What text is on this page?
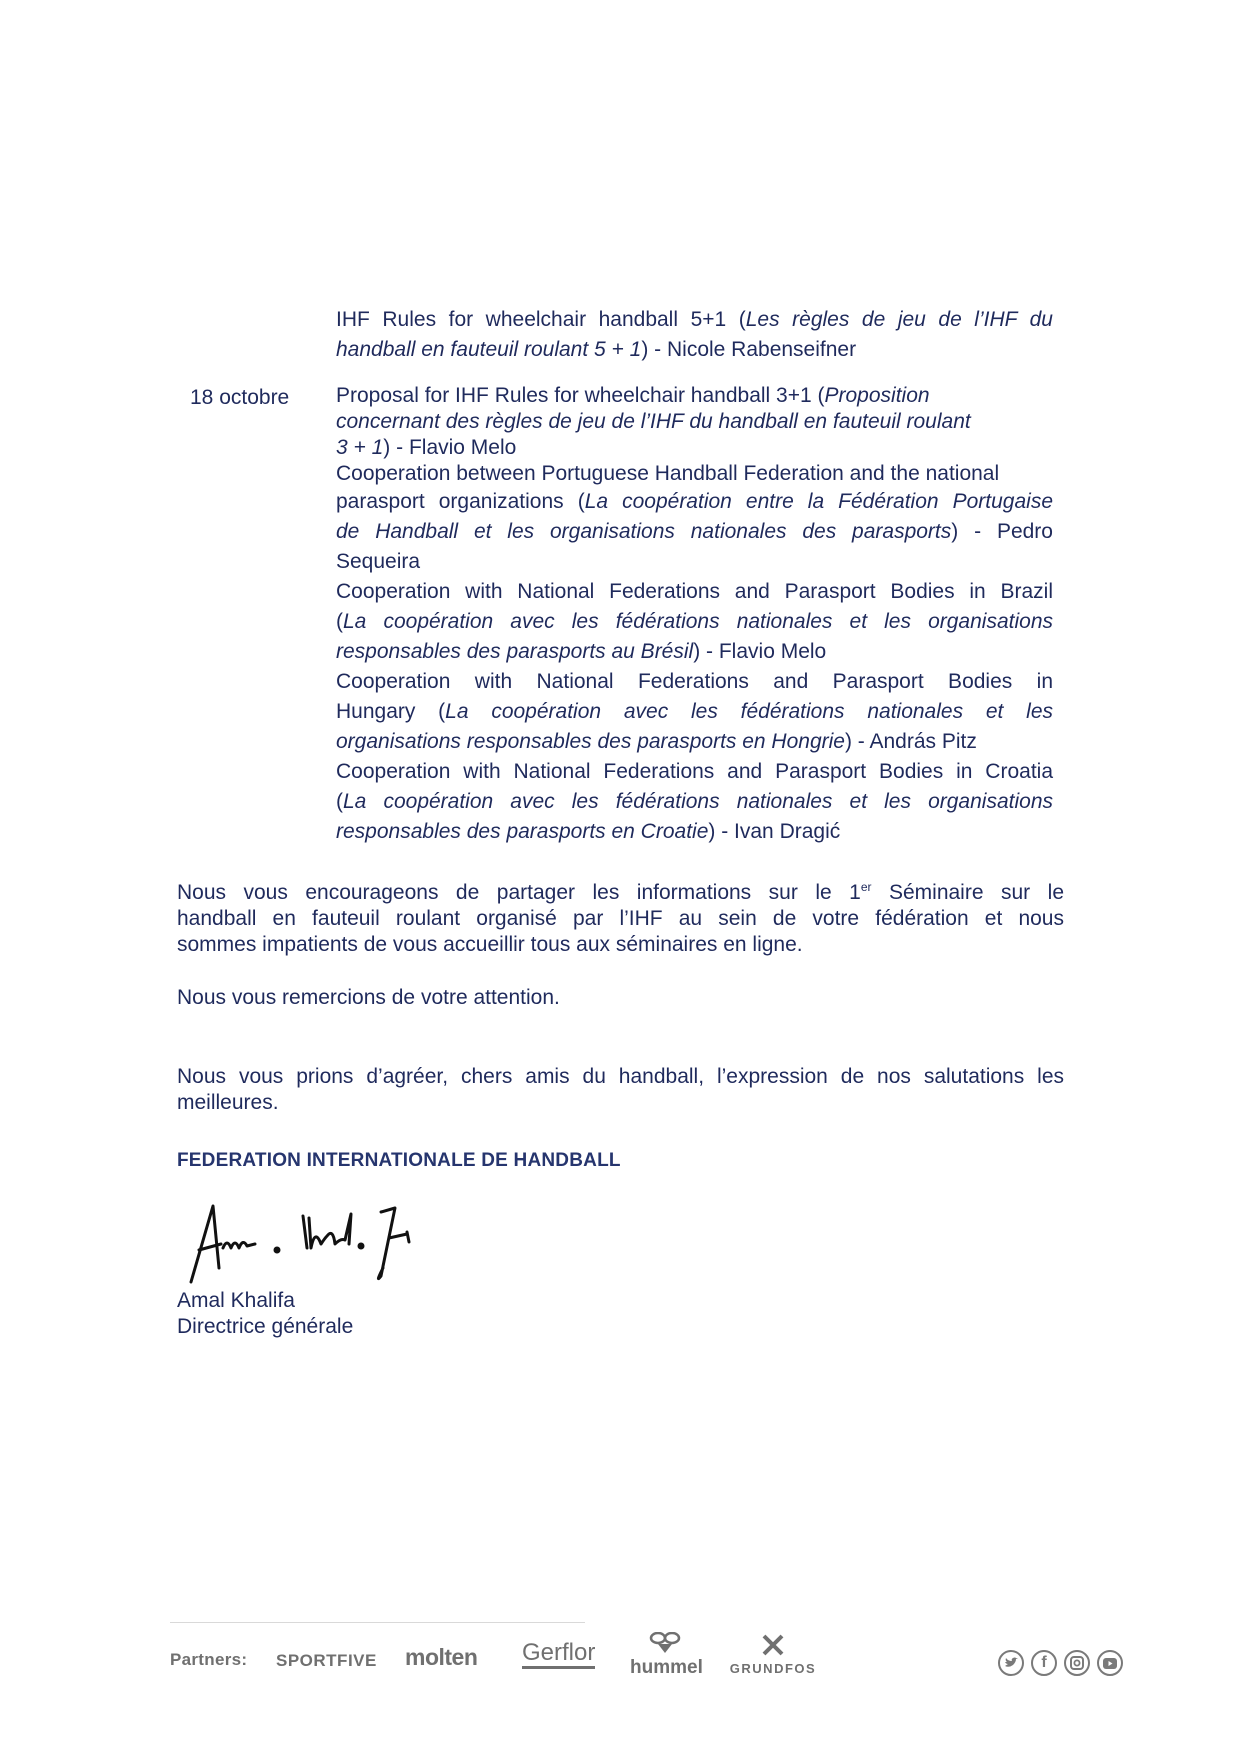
IHF Rules for wheelchair handball 5+1 (Les règles de jeu de l’IHF du
handball en fauteuil roulant 5 + 1) - Nicole Rabenseifner
18 octobre Proposal for IHF Rules for wheelchair handball 3+1 (Proposition
concernant des règles de jeu de l’IHF du handball en fauteuil roulant
3 + 1) - Flavio Melo
Cooperation between Portuguese Handball Federation and the national
parasport organizations (La coopération entre la Fédération Portugaise
de Handball et les organisations nationales des parasports) - Pedro
Sequeira
Cooperation with National Federations and Parasport Bodies in Brazil
(La coopération avec les fédérations nationales et les organisations
responsables des parasports au Brésil) - Flavio Melo
Cooperation with National Federations and Parasport Bodies in
Hungary (La coopération avec les fédérations nationales et les
organisations responsables des parasports en Hongrie) - András Pitz
Cooperation with National Federations and Parasport Bodies in Croatia
(La coopération avec les fédérations nationales et les organisations
responsables des parasports en Croatie) - Ivan Dragić
Nous vous encourageons de partager les informations sur le 1er Séminaire sur le
handball en fauteuil roulant organisé par l’IHF au sein de votre fédération et nous
sommes impatients de vous accueillir tous aux séminaires en ligne.
Nous vous remercions de votre attention.
Nous vous prions d’agréer, chers amis du handball, l’expression de nos salutations les
meilleures.
FEDERATION INTERNATIONALE DE HANDBALL
Amal Khalifa
Directrice générale
Partners: SPORTFIVE molten Gerflor
hummel	GRUNDFOS	f
